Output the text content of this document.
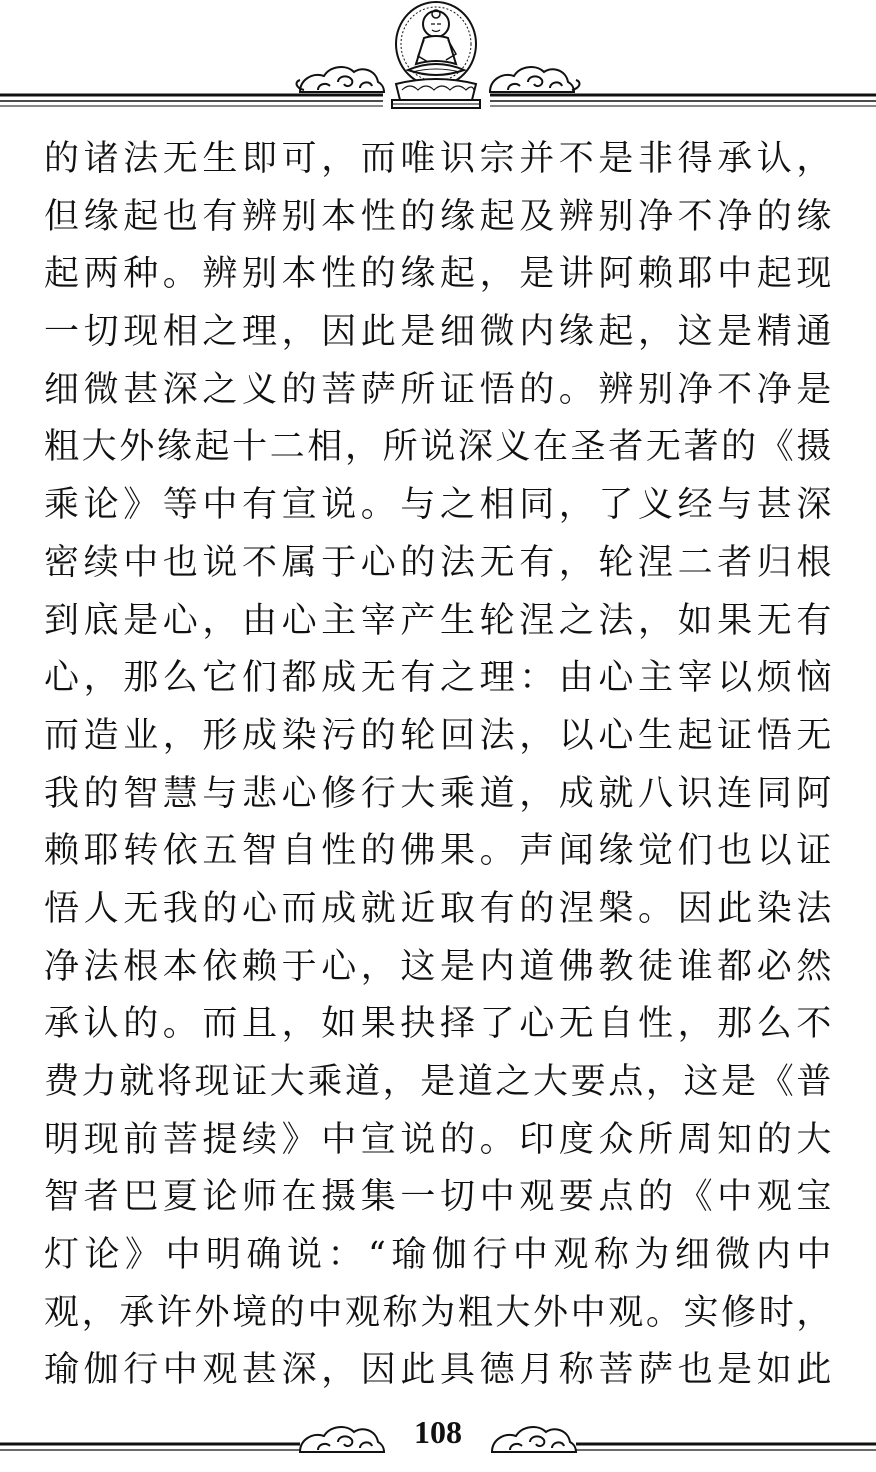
的诸法无生即可，而唯识宗并不是非得承认，
但缘起也有辨别本性的缘起及辨别净不净的缘
起两种。辨别本性的缘起，是讲阿赖耶中起现
一切现相之理，因此是细微内缘起，这是精通
细微甚深之义的菩萨所证悟的。辨别净不净是
粗大外缘起十二相，所说深义在圣者无著的《摄
乘论》等中有宣说。与之相同，了义经与甚深
密续中也说不属于心的法无有，轮涅二者归根
到底是心，由心主宰产生轮涅之法，如果无有
心，那么它们都成无有之理：由心主宰以烦恼
而造业，形成染污的轮回法，以心生起证悟无
我的智慧与悲心修行大乘道，成就八识连同阿
赖耶转依五智自性的佛果。声闻缘觉们也以证
悟人无我的心而成就近取有的涅槃。因此染法
净法根本依赖于心，这是内道佛教徒谁都必然
承认的。而且，如果抉择了心无自性，那么不
费力就将现证大乘道，是道之大要点，这是《普
明现前菩提续》中宣说的。印度众所周知的大
智者巴夏论师在摄集一切中观要点的《中观宝
灯论》中明确说：“瑜伽行中观称为细微内中
观，承许外境的中观称为粗大外中观。实修时，
瑜伽行中观甚深，因此具德月称菩萨也是如此
108
